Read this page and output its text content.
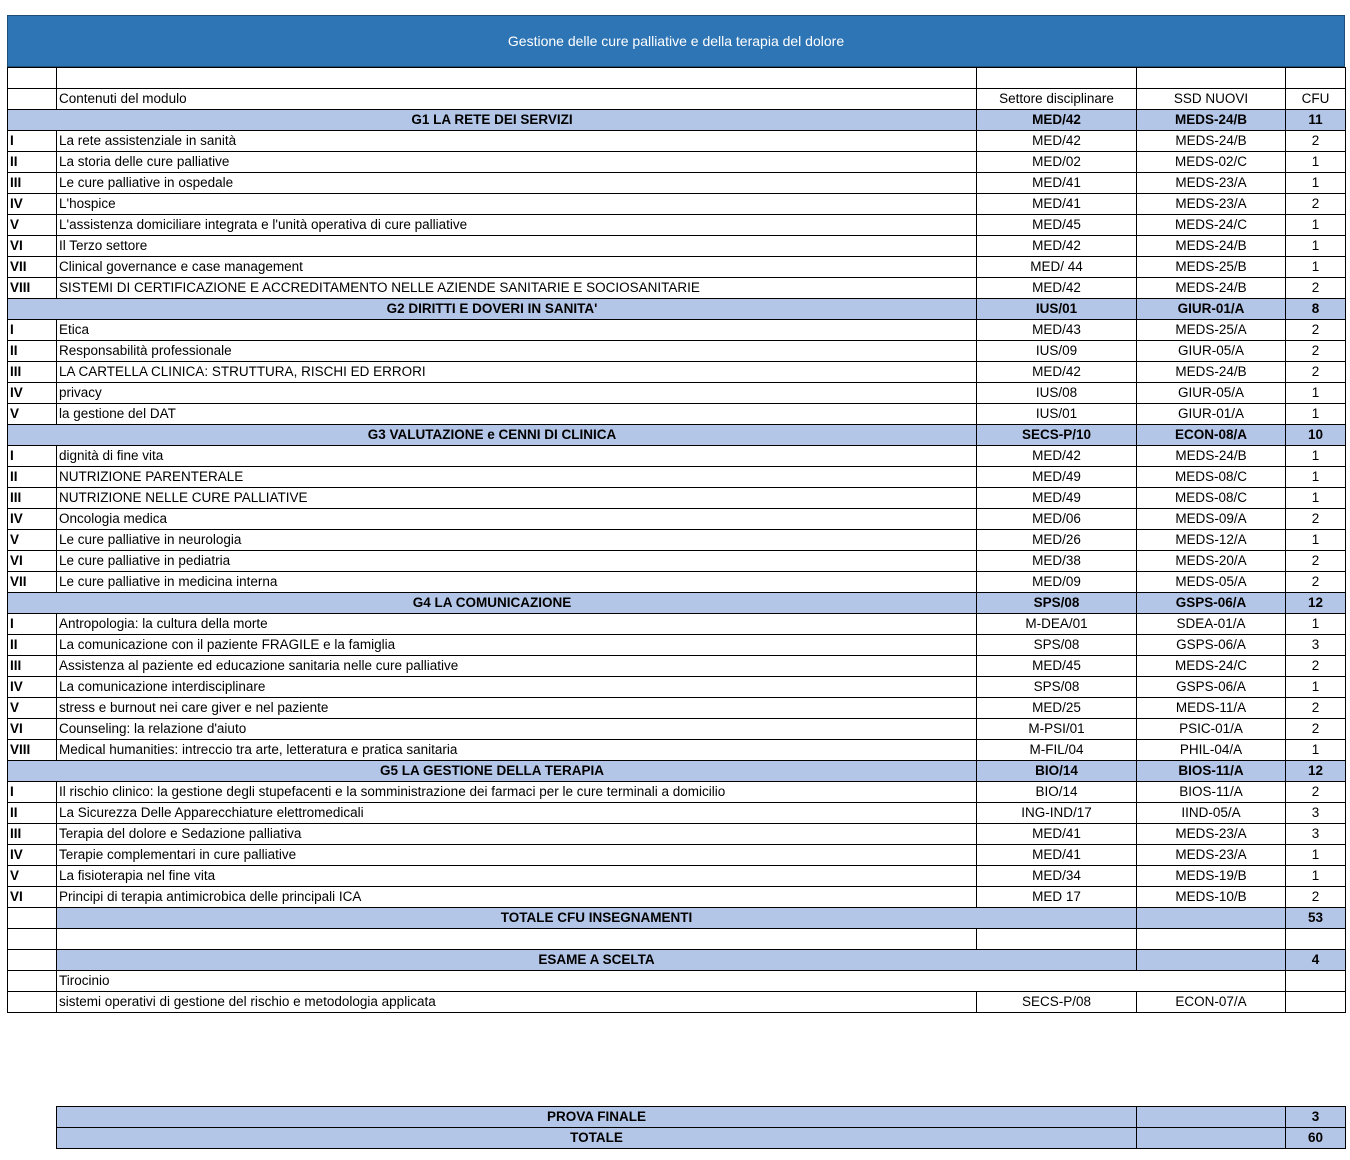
Gestione delle cure palliative e della terapia del dolore

	Contenuti del modulo	Settore disciplinare	SSD NUOVI	CFU
G1 LA RETE DEI SERVIZI		MED/42	MEDS-24/B	11
I	La rete assistenziale in sanità	MED/42	MEDS-24/B	2
II	La storia delle cure palliative	MED/02	MEDS-02/C	1
III	Le cure palliative in ospedale	MED/41	MEDS-23/A	1
IV	L'hospice	MED/41	MEDS-23/A	2
V	L'assistenza domiciliare integrata e l'unità operativa di cure palliative	MED/45	MEDS-24/C	1
VI	Il Terzo settore	MED/42	MEDS-24/B	1
VII	Clinical governance e case management	MED/ 44	MEDS-25/B	1
VIII	SISTEMI DI CERTIFICAZIONE E ACCREDITAMENTO NELLE AZIENDE SANITARIE E SOCIOSANITARIE	MED/42	MEDS-24/B	2
G2 DIRITTI E DOVERI IN SANITA'		IUS/01	GIUR-01/A	8
I	Etica	MED/43	MEDS-25/A	2
II	Responsabilità professionale	IUS/09	GIUR-05/A	2
III	LA CARTELLA CLINICA: STRUTTURA, RISCHI ED ERRORI	MED/42	MEDS-24/B	2
IV	privacy	IUS/08	GIUR-05/A	1
V	la gestione del DAT	IUS/01	GIUR-01/A	1
G3 VALUTAZIONE e CENNI DI CLINICA		SECS-P/10	ECON-08/A	10
I	dignità di fine vita	MED/42	MEDS-24/B	1
II	NUTRIZIONE PARENTERALE	MED/49	MEDS-08/C	1
III	NUTRIZIONE NELLE CURE PALLIATIVE	MED/49	MEDS-08/C	1
IV	Oncologia medica	MED/06	MEDS-09/A	2
V	Le cure palliative in neurologia	MED/26	MEDS-12/A	1
VI	Le cure palliative in pediatria	MED/38	MEDS-20/A	2
VII	Le cure palliative in medicina interna	MED/09	MEDS-05/A	2
G4 LA COMUNICAZIONE		SPS/08	GSPS-06/A	12
I	Antropologia: la cultura della morte	M-DEA/01	SDEA-01/A	1
II	La comunicazione con il paziente FRAGILE e la famiglia	SPS/08	GSPS-06/A	3
III	Assistenza al paziente ed educazione sanitaria nelle cure palliative	MED/45	MEDS-24/C	2
IV	La comunicazione interdisciplinare	SPS/08	GSPS-06/A	1
V	stress e burnout nei care giver e nel paziente	MED/25	MEDS-11/A	2
VI	Counseling: la relazione d'aiuto	M-PSI/01	PSIC-01/A	2
VIII	Medical humanities: intreccio tra arte, letteratura e pratica sanitaria	M-FIL/04	PHIL-04/A	1
G5 LA GESTIONE DELLA TERAPIA		BIO/14	BIOS-11/A	12
I	Il rischio clinico: la gestione degli stupefacenti e la somministrazione dei farmaci per le cure terminali a domicilio	BIO/14	BIOS-11/A	2
II	La Sicurezza Delle Apparecchiature elettromedicali	ING-IND/17	IIND-05/A	3
III	Terapia del dolore e Sedazione palliativa	MED/41	MEDS-23/A	3
IV	Terapie complementari in cure palliative	MED/41	MEDS-23/A	1
V	La fisioterapia nel fine vita	MED/34	MEDS-19/B	1
VI	Principi di terapia antimicrobica delle principali ICA	MED 17	MEDS-10/B	2
	TOTALE CFU INSEGNAMENTI			53

	ESAME A SCELTA			4
	Tirocinio			
	sistemi operativi di gestione del rischio e metodologia applicata	SECS-P/08	ECON-07/A	
PROVA FINALE		3
TOTALE		60
